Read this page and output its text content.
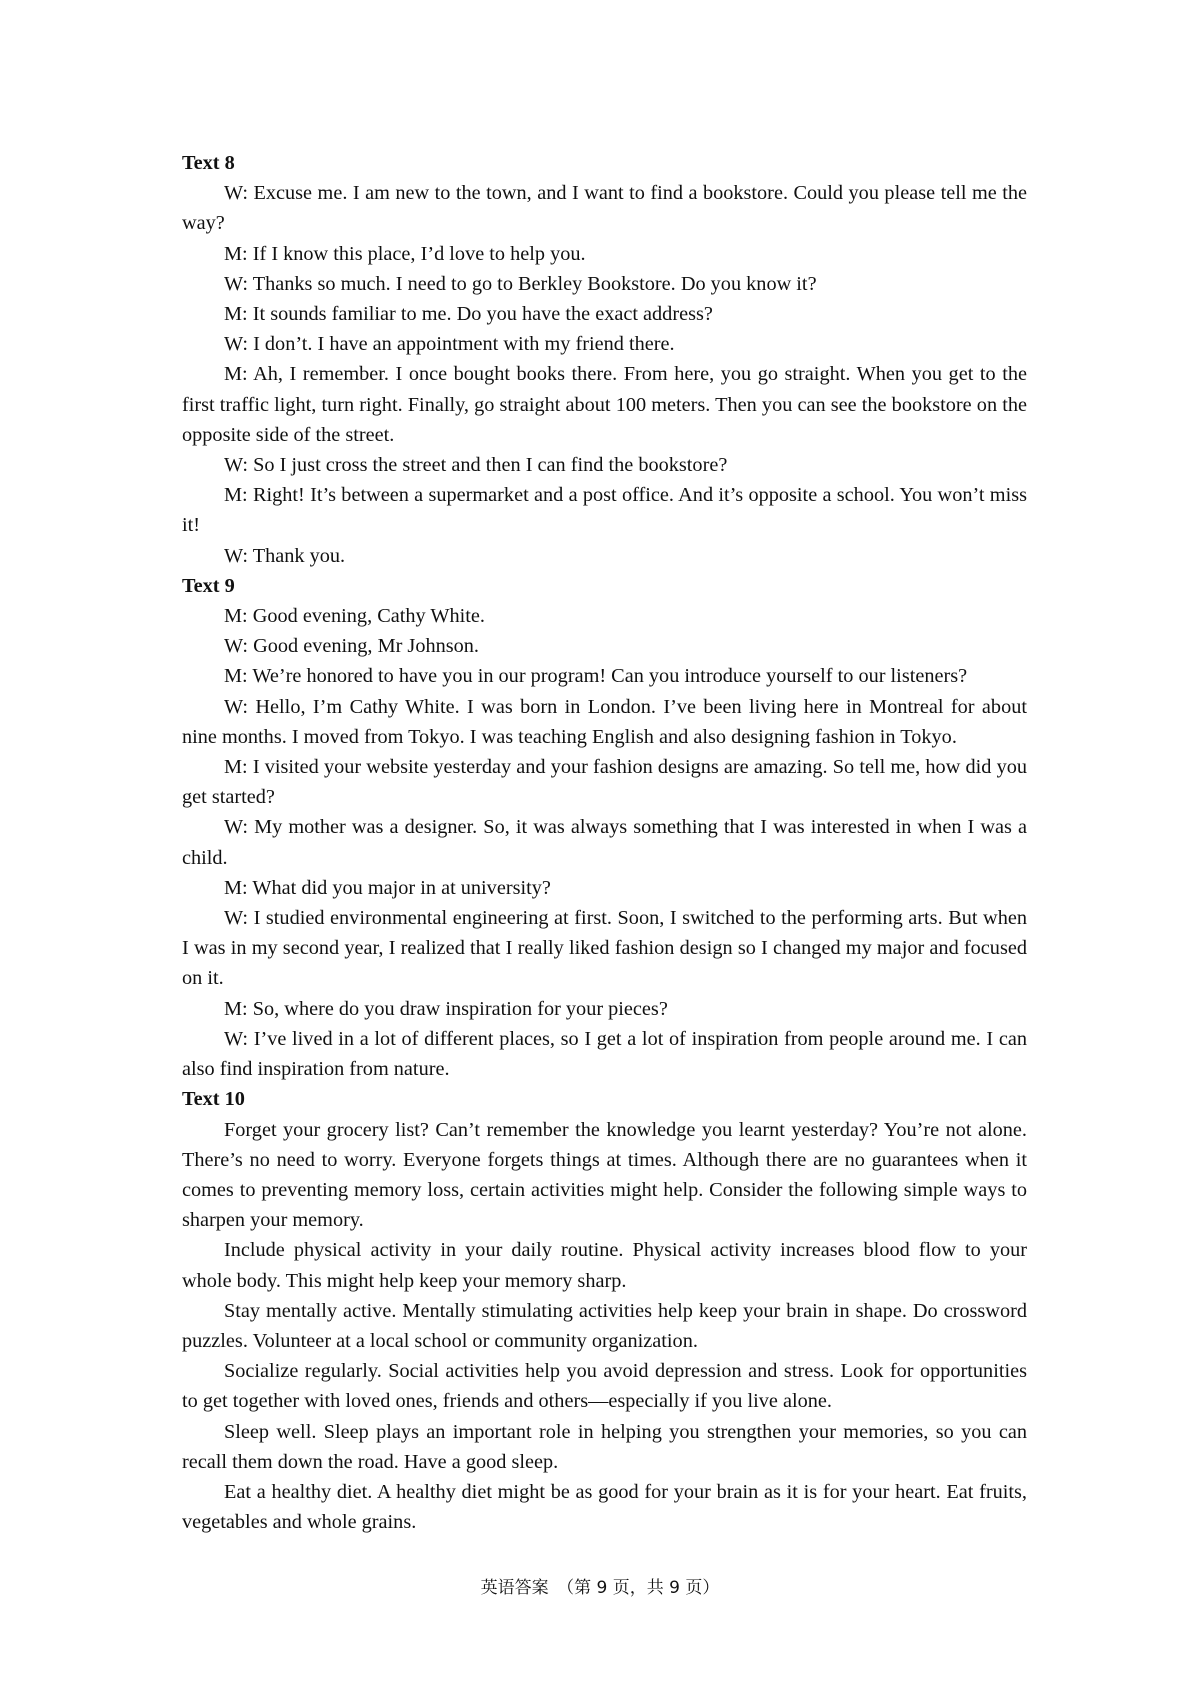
Text 8

W: Excuse me. I am new to the town, and I want to find a bookstore. Could you please tell me the way?

M: If I know this place, I’d love to help you.

W: Thanks so much. I need to go to Berkley Bookstore. Do you know it?

M: It sounds familiar to me. Do you have the exact address?

W: I don’t. I have an appointment with my friend there.

M: Ah, I remember. I once bought books there. From here, you go straight. When you get to the first traffic light, turn right. Finally, go straight about 100 meters. Then you can see the bookstore on the opposite side of the street.

W: So I just cross the street and then I can find the bookstore?

M: Right! It’s between a supermarket and a post office. And it’s opposite a school. You won’t miss it!

W: Thank you.

Text 9

M: Good evening, Cathy White.

W: Good evening, Mr Johnson.

M: We’re honored to have you in our program! Can you introduce yourself to our listeners?

W: Hello, I’m Cathy White. I was born in London. I’ve been living here in Montreal for about nine months. I moved from Tokyo. I was teaching English and also designing fashion in Tokyo.

M: I visited your website yesterday and your fashion designs are amazing. So tell me, how did you get started?

W: My mother was a designer. So, it was always something that I was interested in when I was a child.

M: What did you major in at university?

W: I studied environmental engineering at first. Soon, I switched to the performing arts. But when I was in my second year, I realized that I really liked fashion design so I changed my major and focused on it.

M: So, where do you draw inspiration for your pieces?

W: I’ve lived in a lot of different places, so I get a lot of inspiration from people around me. I can also find inspiration from nature.

Text 10

Forget your grocery list? Can’t remember the knowledge you learnt yesterday? You’re not alone. There’s no need to worry. Everyone forgets things at times. Although there are no guarantees when it comes to preventing memory loss, certain activities might help. Consider the following simple ways to sharpen your memory.

Include physical activity in your daily routine. Physical activity increases blood flow to your whole body. This might help keep your memory sharp.

Stay mentally active. Mentally stimulating activities help keep your brain in shape. Do crossword puzzles. Volunteer at a local school or community organization.

Socialize regularly. Social activities help you avoid depression and stress. Look for opportunities to get together with loved ones, friends and others—especially if you live alone.

Sleep well. Sleep plays an important role in helping you strengthen your memories, so you can recall them down the road. Have a good sleep.

Eat a healthy diet. A healthy diet might be as good for your brain as it is for your heart. Eat fruits, vegetables and whole grains.

英语答案　（第 9 页，共 9 页）
